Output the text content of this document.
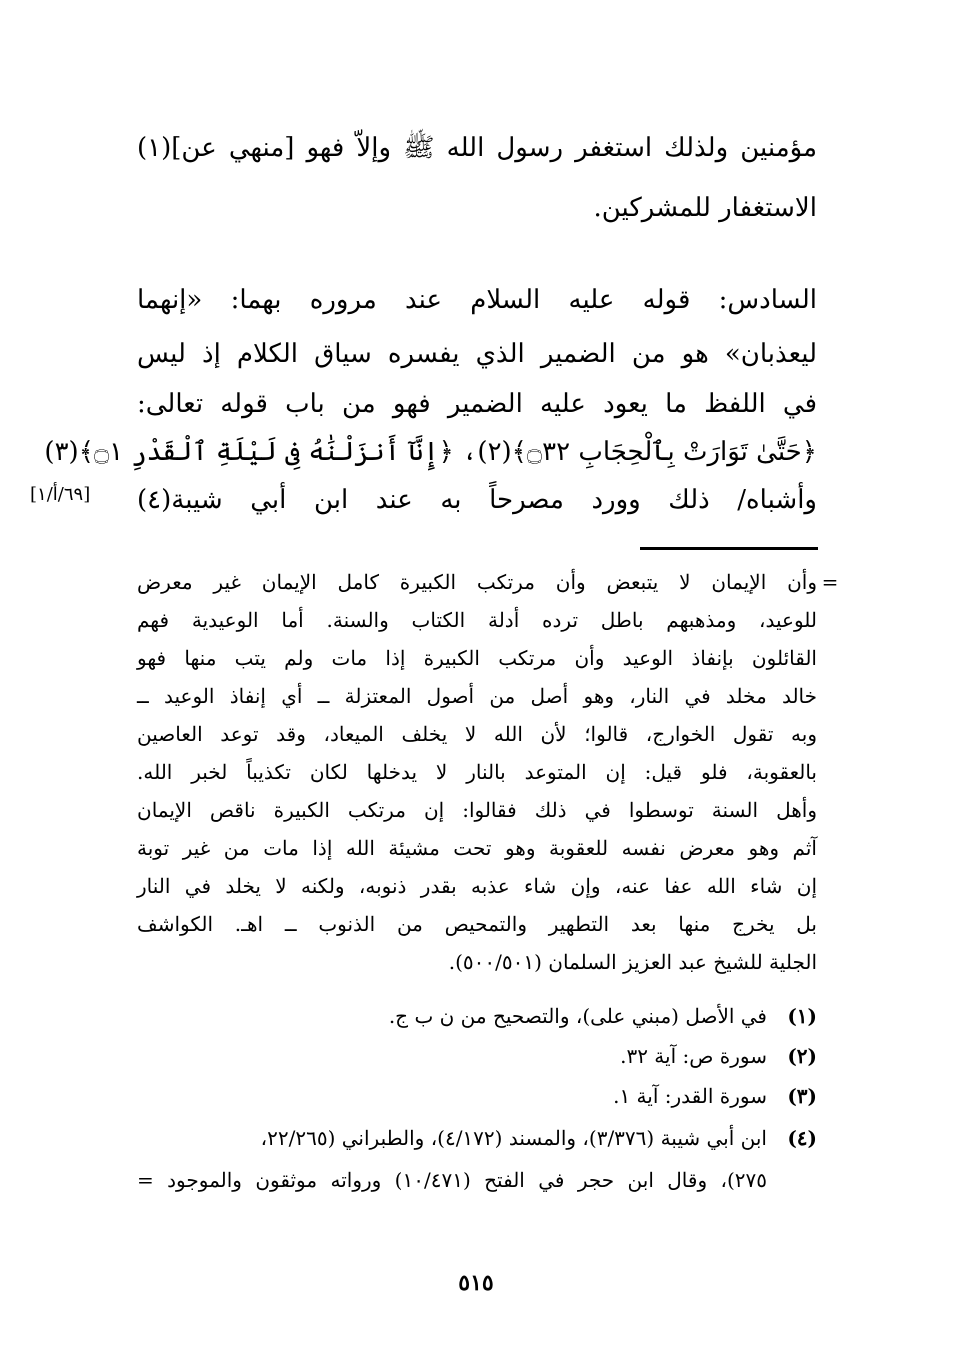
مؤمنين ولذلك استغفر رسول الله ﷺ وإلاّ فهو [منهي عن](١)
الاستغفار للمشركين.
السادس: قوله عليه السلام عند مروره بهما: «إنهما
ليعذبان» هو من الضمير الذي يفسره سياق الكلام إذ ليس
في اللفظ ما يعود عليه الضمير فهو من باب قوله تعالى:
﴿حَتَّىٰ تَوَارَتْ بِٱلْحِجَابِ ۝٣٢﴾(٢)، ﴿إِنَّآ أَنزَلْنَٰهُ فِى لَيْلَةِ ٱلْقَدْرِ ۝١﴾(٣)
وأشباه/ ذلك وورد مصرحاً به عند ابن أبي شيبة(٤)
[٦٩/أ/١]
=
وأن الإيمان لا يتبعض وأن مرتكب الكبيرة كامل الإيمان غير معرض
للوعيد، ومذهبهم باطل ترده أدلة الكتاب والسنة. أما الوعيدية فهم
القائلون بإنفاذ الوعيد وأن مرتكب الكبيرة إذا مات ولم يتب منها فهو
خالد مخلد في النار، وهو أصل من أصول المعتزلة ــ أي إنفاذ الوعيد ــ
وبه تقول الخوارج، قالوا؛ لأن الله لا يخلف الميعاد، وقد توعد العاصين
بالعقوبة، فلو قيل: إن المتوعد بالنار لا يدخلها لكان تكذيباً لخبر الله.
وأهل السنة توسطوا في ذلك فقالوا: إن مرتكب الكبيرة ناقص الإيمان
آثم وهو معرض نفسه للعقوبة وهو تحت مشيئة الله إذا مات من غير توبة
إن شاء الله عفا عنه، وإن شاء عذبه بقدر ذنوبه، ولكنه لا يخلد في النار
بل يخرج منها بعد التطهير والتمحيص من الذنوب ــ اهـ. الكواشف
الجلية للشيخ عبد العزيز السلمان (٥٠٠/٥٠١).
(١)في الأصل (مبني على)، والتصحيح من ن ب ج.
(٢)سورة ص: آية ٣٢.
(٣)سورة القدر: آية ١.
(٤)ابن أبي شيبة (٣/٣٧٦)، والمسند (٤/١٧٢)، والطبراني (٢٢/٢٦٥،
٢٧٥)، وقال ابن حجر في الفتح (١٠/٤٧١) ورواته موثقون والموجود =
٥١٥
